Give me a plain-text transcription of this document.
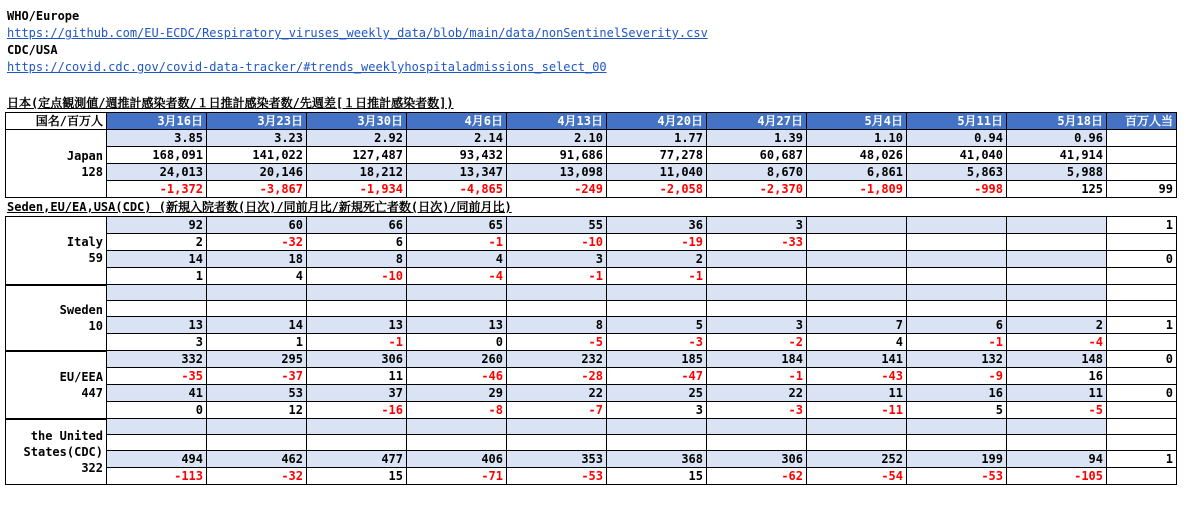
WHO/Europe
https://github.com/EU-ECDC/Respiratory_viruses_weekly_data/blob/main/data/nonSentinelSeverity.csv
CDC/USA
https://covid.cdc.gov/covid-data-tracker/#trends_weeklyhospitaladmissions_select_00
日本(定点観測値/週推計感染者数/１日推計感染者数/先週差[１日推計感染者数])
国名/百万人	3月16日	3月23日	3月30日	4月6日	4月13日	4月20日	4月27日	5月4日	5月11日	5月18日	百万人当

Japan
128	3.85	3.23	2.92	2.14	2.10	1.77	1.39	1.10	0.94	0.96	
	168,091	141,022	127,487	93,432	91,686	77,278	60,687	48,026	41,040	41,914	
	24,013	20,146	18,212	13,347	13,098	11,040	8,670	6,861	5,863	5,988	
	-1,372	-3,867	-1,934	-4,865	-249	-2,058	-2,370	-1,809	-998	125	99
Seden,EU/EA,USA(CDC) (新規入院者数(日次)/同前月比/新規死亡者数(日次)/同前月比)
Italy
59	92	60	66	65	55	36	3				1
	2	-32	6	-1	-10	-19	-33				
	14	18	8	4	3	2					0
	1	4	-10	-4	-1	-1					

Sweden
10											

	13	14	13	13	8	5	3	7	6	2	1
	3	1	-1	0	-5	-3	-2	4	-1	-4	

EU/EEA
447	332	295	306	260	232	185	184	141	132	148	0
	-35	-37	11	-46	-28	-47	-1	-43	-9	16	
	41	53	37	29	22	25	22	11	16	11	0
	0	12	-16	-8	-7	3	-3	-11	5	-5	

the United
States(CDC)
322											

	494	462	477	406	353	368	306	252	199	94	1
	-113	-32	15	-71	-53	15	-62	-54	-53	-105	
